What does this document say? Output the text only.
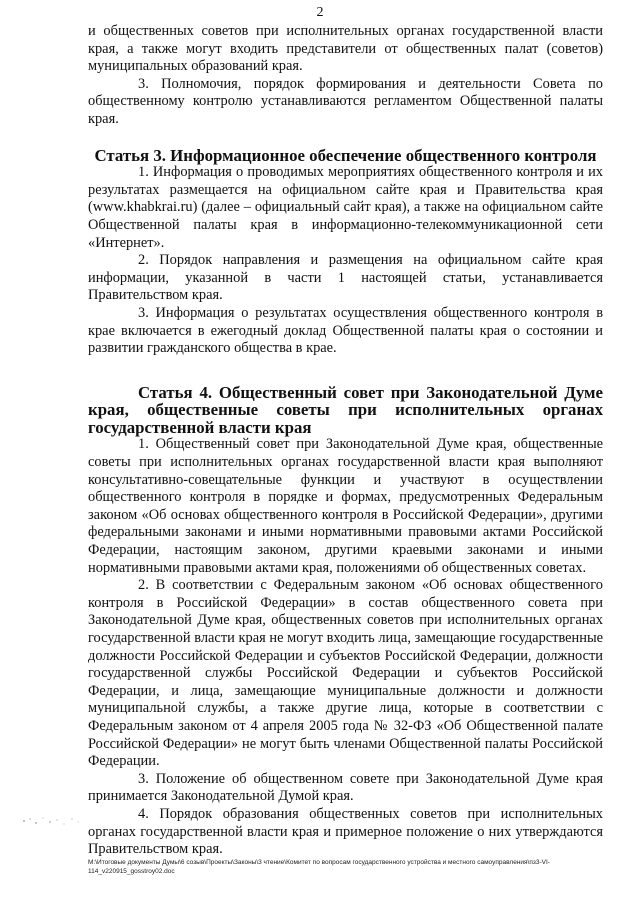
2

и общественных советов при исполнительных органах государственной власти края, а также могут входить представители от общественных палат (советов) муниципальных образований края.

3. Полномочия, порядок формирования и деятельности Совета по общественному контролю устанавливаются регламентом Общественной палаты края.

Статья 3. Информационное обеспечение общественного контроля

1. Информация о проводимых мероприятиях общественного контроля и их результатах размещается на официальном сайте края и Правительства края (www.khabkrai.ru) (далее – официальный сайт края), а также на официальном сайте Общественной палаты края в информационно-телекоммуникационной сети «Интернет».

2. Порядок направления и размещения на официальном сайте края информации, указанной в части 1 настоящей статьи, устанавливается Правительством края.

3. Информация о результатах осуществления общественного контроля в крае включается в ежегодный доклад Общественной палаты края о состоянии и развитии гражданского общества в крае.

Статья 4. Общественный совет при Законодательной Думе края, общественные советы при исполнительных органах государственной власти края

1. Общественный совет при Законодательной Думе края, общественные советы при исполнительных органах государственной власти края выполняют консультативно-совещательные функции и участвуют в осуществлении общественного контроля в порядке и формах, предусмотренных Федеральным законом «Об основах общественного контроля в Российской Федерации», другими федеральными законами и иными нормативными правовыми актами Российской Федерации, настоящим законом, другими краевыми законами и иными нормативными правовыми актами края, положениями об общественных советах.

2. В соответствии с Федеральным законом «Об основах общественного контроля в Российской Федерации» в состав общественного совета при Законодательной Думе края, общественных советов при исполнительных органах государственной власти края не могут входить лица, замещающие государственные должности Российской Федерации и субъектов Российской Федерации, должности государственной службы Российской Федерации и субъектов Российской Федерации, и лица, замещающие муниципальные должности и должности муниципальной службы, а также другие лица, которые в соответствии с Федеральным законом от 4 апреля 2005 года № 32-ФЗ «Об Общественной палате Российской Федерации» не могут быть членами Общественной палаты Российской Федерации.

3. Положение об общественном совете при Законодательной Думе края принимается Законодательной Думой края.

4. Порядок образования общественных советов при исполнительных органах государственной власти края и примерное положение о них утверждаются Правительством края.

M:\Итоговые документы Думы\6 созыв\Проекты\Законы\3 чтение\Комитет по вопросам государственного устройства и местного самоуправления\пз3-VI-114_v220915_gosstroy02.doc
